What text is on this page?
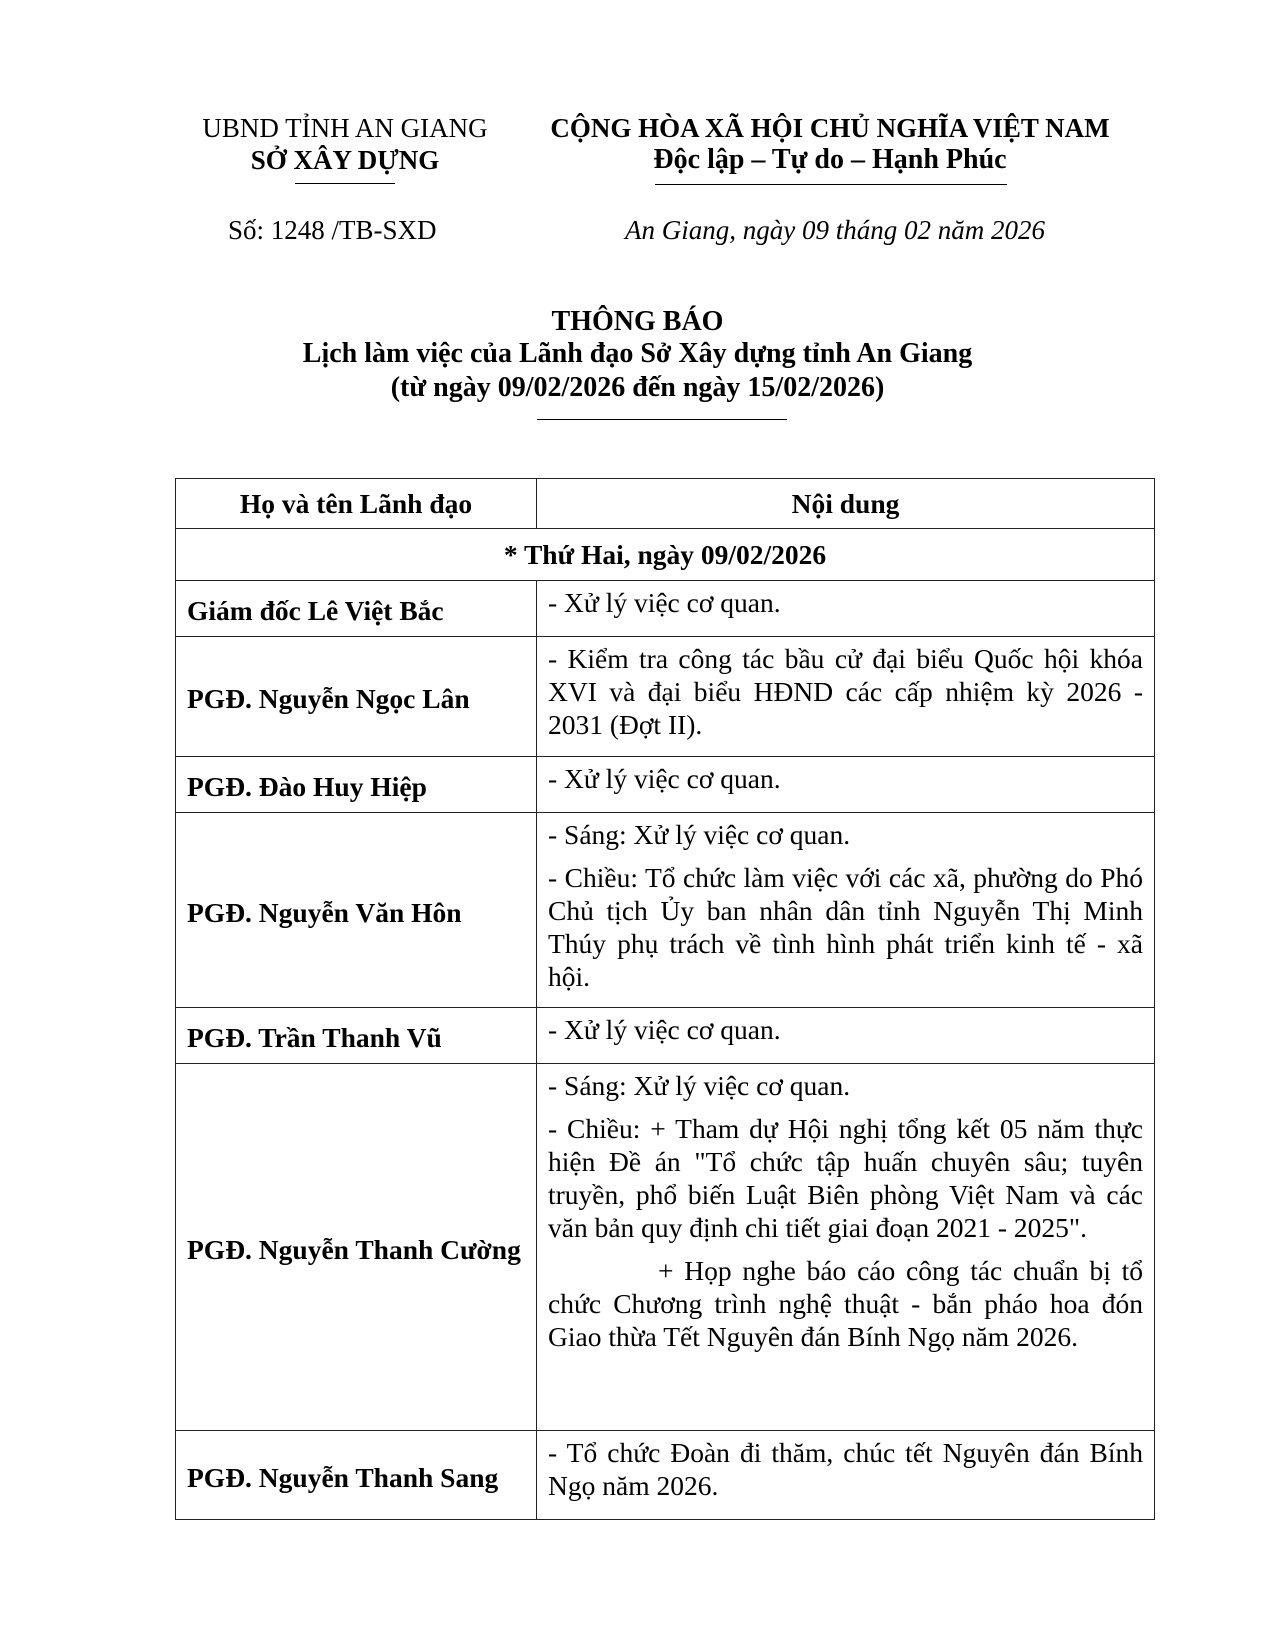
UBND TỈNH AN GIANG
SỞ XÂY DỰNG
Số: 1248 /TB-SXD
CỘNG HÒA XÃ HỘI CHỦ NGHĨA VIỆT NAM
Độc lập – Tự do – Hạnh Phúc
An Giang, ngày 09 tháng 02 năm 2026
THÔNG BÁO
Lịch làm việc của Lãnh đạo Sở Xây dựng tỉnh An Giang
(từ ngày 09/02/2026 đến ngày 15/02/2026)
Họ và tên Lãnh đạo	Nội dung
* Thứ Hai, ngày 09/02/2026	
Giám đốc Lê Việt Bắc	- Xử lý việc cơ quan.

PGĐ. Nguyễn Ngọc Lân	- Kiểm tra công tác bầu cử đại biểu Quốc hội khóa XVI và đại biểu HĐND các cấp nhiệm kỳ 2026 - 2031 (Đợt II).

PGĐ. Đào Huy Hiệp	- Xử lý việc cơ quan.

PGĐ. Nguyễn Văn Hôn	- Sáng: Xử lý việc cơ quan.

- Chiều: Tổ chức làm việc với các xã, phường do Phó Chủ tịch Ủy ban nhân dân tỉnh Nguyễn Thị Minh Thúy phụ trách về tình hình phát triển kinh tế - xã hội.

PGĐ. Trần Thanh Vũ	- Xử lý việc cơ quan.

PGĐ. Nguyễn Thanh Cường	- Sáng: Xử lý việc cơ quan.

- Chiều: + Tham dự Hội nghị tổng kết 05 năm thực hiện Đề án "Tổ chức tập huấn chuyên sâu; tuyên truyền, phổ biến Luật Biên phòng Việt Nam và các văn bản quy định chi tiết giai đoạn 2021 - 2025".

+ Họp nghe báo cáo công tác chuẩn bị tổ chức Chương trình nghệ thuật - bắn pháo hoa đón Giao thừa Tết Nguyên đán Bính Ngọ năm 2026.

PGĐ. Nguyễn Thanh Sang	- Tổ chức Đoàn đi thăm, chúc tết Nguyên đán Bính Ngọ năm 2026.
